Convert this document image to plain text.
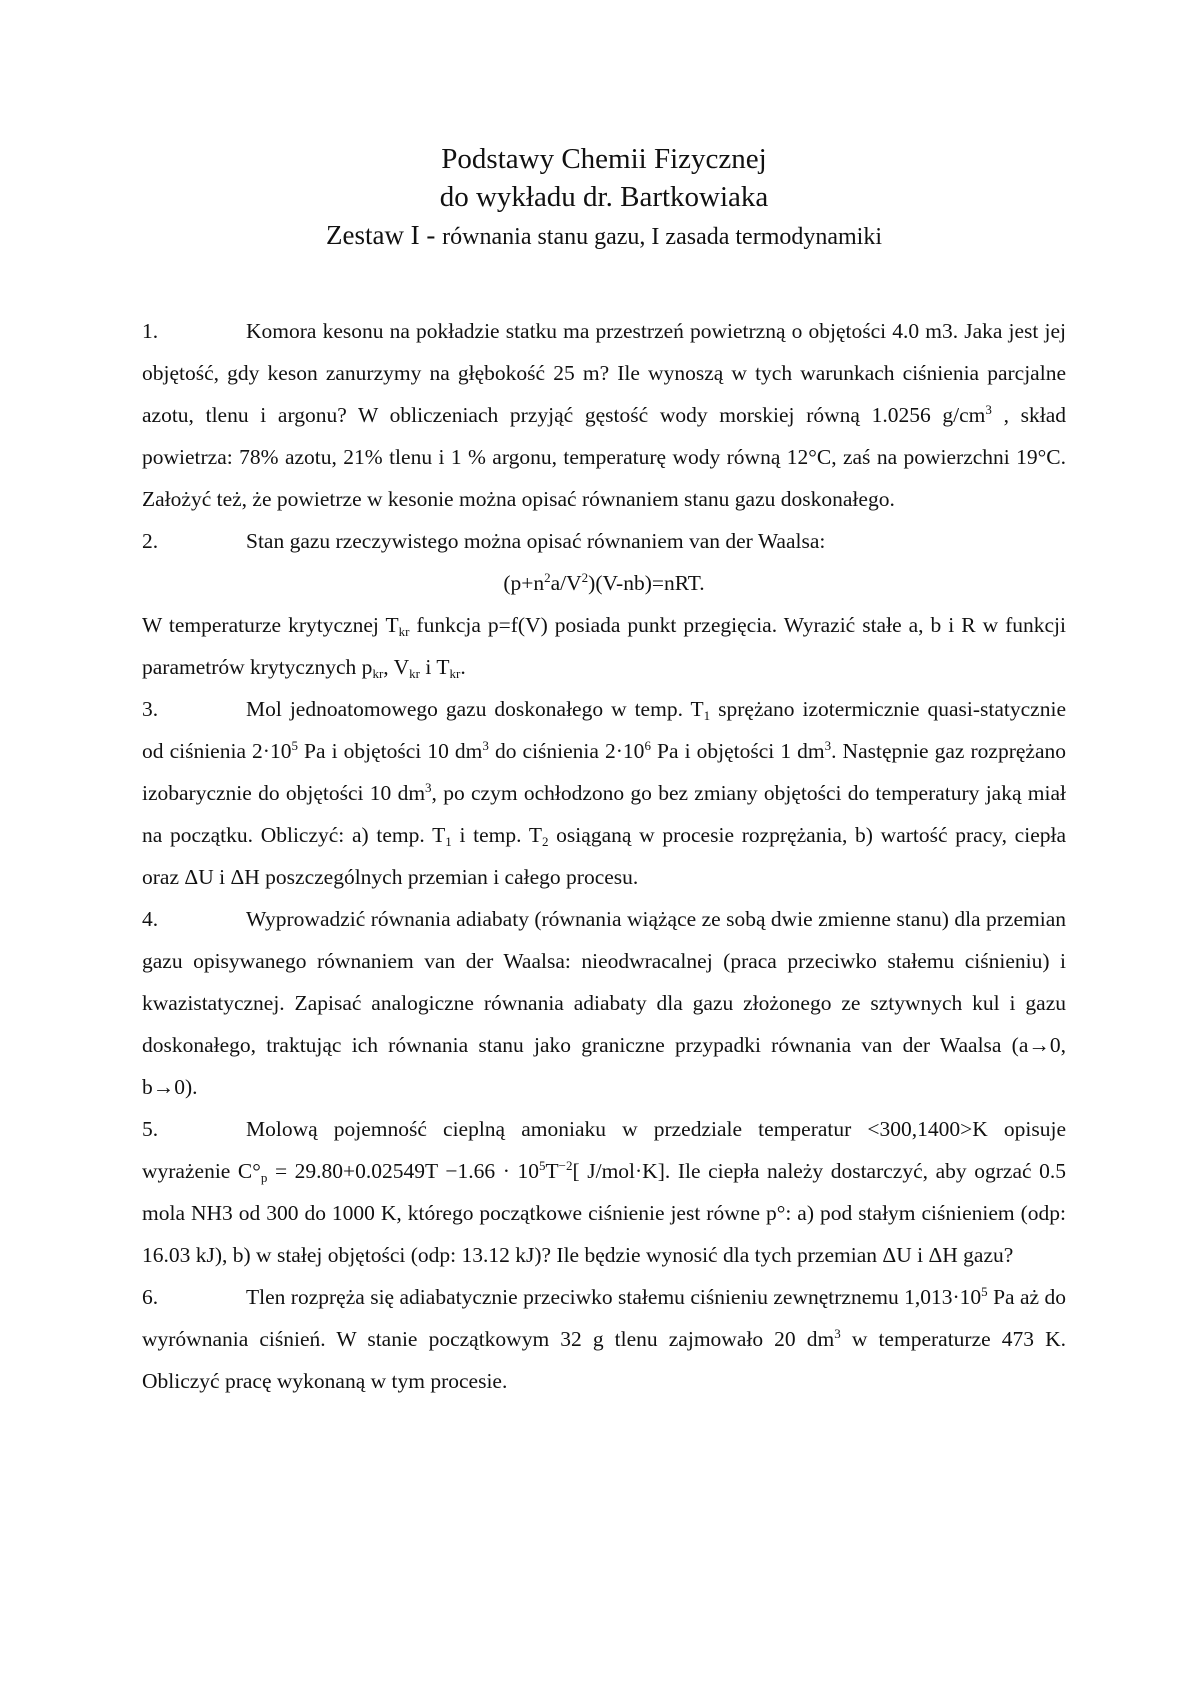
Podstawy Chemii Fizycznej

do wykładu dr. Bartkowiaka

Zestaw I - równania stanu gazu, I zasada termodynamiki

1.	Komora kesonu na pokładzie statku ma przestrzeń powietrzną o objętości 4.0 m3. Jaka jest jej objętość, gdy keson zanurzymy na głębokość 25 m? Ile wynoszą w tych warunkach ciśnienia parcjalne azotu, tlenu i argonu? W obliczeniach przyjąć gęstość wody morskiej równą 1.0256 $g/cm^3$ , skład powietrza: 78% azotu, 21% tlenu i 1 % argonu, temperaturę wody równą 12°C, zaś na powierzchni 19°C. Założyć też, że powietrze w kesonie można opisać równaniem stanu gazu doskonałego.

2.	Stan gazu rzeczywistego można opisać równaniem van der Waalsa:

$(p+n^2a/V^2)(V-nb)=nRT$.

W temperaturze krytycznej $T_{kr}$ funkcja p=f(V) posiada punkt przegięcia. Wyrazić stałe a, b i R w funkcji parametrów krytycznych $p_{kr}$, $V_{kr}$ i $T_{kr}$.

3.	Mol jednoatomowego gazu doskonałego w temp. $T_1$ sprężano izotermicznie quasi-statycznie od ciśnienia $2\cdot 10^5$ Pa i objętości 10 $dm^3$ do ciśnienia $2\cdot 10^6$ Pa i objętości 1 $dm^3$. Następnie gaz rozprężano izobarycznie do objętości 10 $dm^3$, po czym ochłodzono go bez zmiany objętości do temperatury jaką miał na początku. Obliczyć: a) temp. $T_1$ i temp. $T_2$ osiąganą w procesie rozprężania, b) wartość pracy, ciepła oraz ΔU i ΔH poszczególnych przemian i całego procesu.

4.	Wyprowadzić równania adiabaty (równania wiążące ze sobą dwie zmienne stanu) dla przemian gazu opisywanego równaniem van der Waalsa: nieodwracalnej (praca przeciwko stałemu ciśnieniu) i kwazistatycznej. Zapisać analogiczne równania adiabaty dla gazu złożonego ze sztywnych kul i gazu doskonałego, traktując ich równania stanu jako graniczne przypadki równania van der Waalsa (a→0, b→0).

5.	Molową pojemność cieplną amoniaku w przedziale temperatur <300,1400>K opisuje wyrażenie $C^\circ_p = 29.80+0.02549T -1.66 \cdot 10^5T^{-2}$[ J/mol·K]. Ile ciepła należy dostarczyć, aby ogrzać 0.5 mola NH3 od 300 do 1000 K, którego początkowe ciśnienie jest równe p°: a) pod stałym ciśnieniem (odp: 16.03 kJ), b) w stałej objętości (odp: 13.12 kJ)? Ile będzie wynosić dla tych przemian ΔU i ΔH gazu?

6.	Tlen rozpręża się adiabatycznie przeciwko stałemu ciśnieniu zewnętrznemu $1,013\cdot 10^5$ Pa aż do wyrównania ciśnień. W stanie początkowym 32 g tlenu zajmowało 20 $dm^3$ w temperaturze 473 K. Obliczyć pracę wykonaną w tym procesie.
